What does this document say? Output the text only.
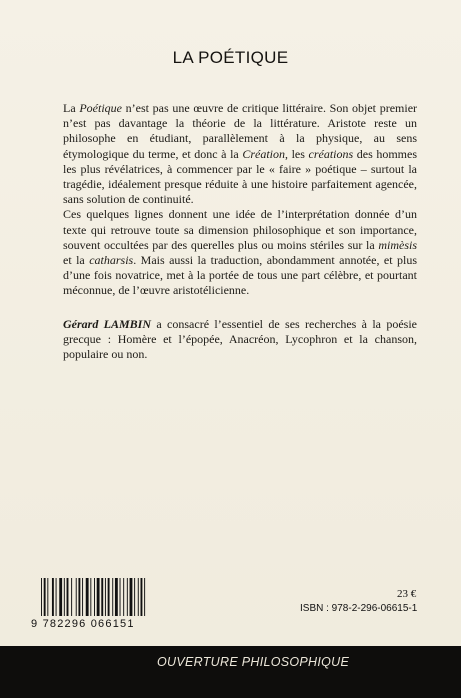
LA POÉTIQUE

La Poétique n’est pas une œuvre de critique littéraire. Son objet premier n’est pas davantage la théorie de la littérature. Aristote reste un philosophe en étudiant, parallèlement à la physique, au sens étymologique du terme, et donc à la Création, les créations des hommes les plus révélatrices, à commencer par le « faire » poétique – surtout la tragédie, idéalement presque réduite à une histoire parfaitement agencée, sans solution de continuité.

Ces quelques lignes donnent une idée de l’interprétation donnée d’un texte qui retrouve toute sa dimension philosophique et son importance, souvent occultées par des querelles plus ou moins stériles sur la mimèsis et la catharsis. Mais aussi la traduction, abondamment annotée, et plus d’une fois novatrice, met à la portée de tous une part célèbre, et pourtant méconnue, de l’œuvre aristotélicienne.

Gérard LAMBIN a consacré l’essentiel de ses recherches à la poésie grecque : Homère et l’épopée, Anacréon, Lycophron et la chanson, populaire ou non.

9 782296 066151
23 €
ISBN : 978-2-296-06615-1
OUVERTURE PHILOSOPHIQUE
